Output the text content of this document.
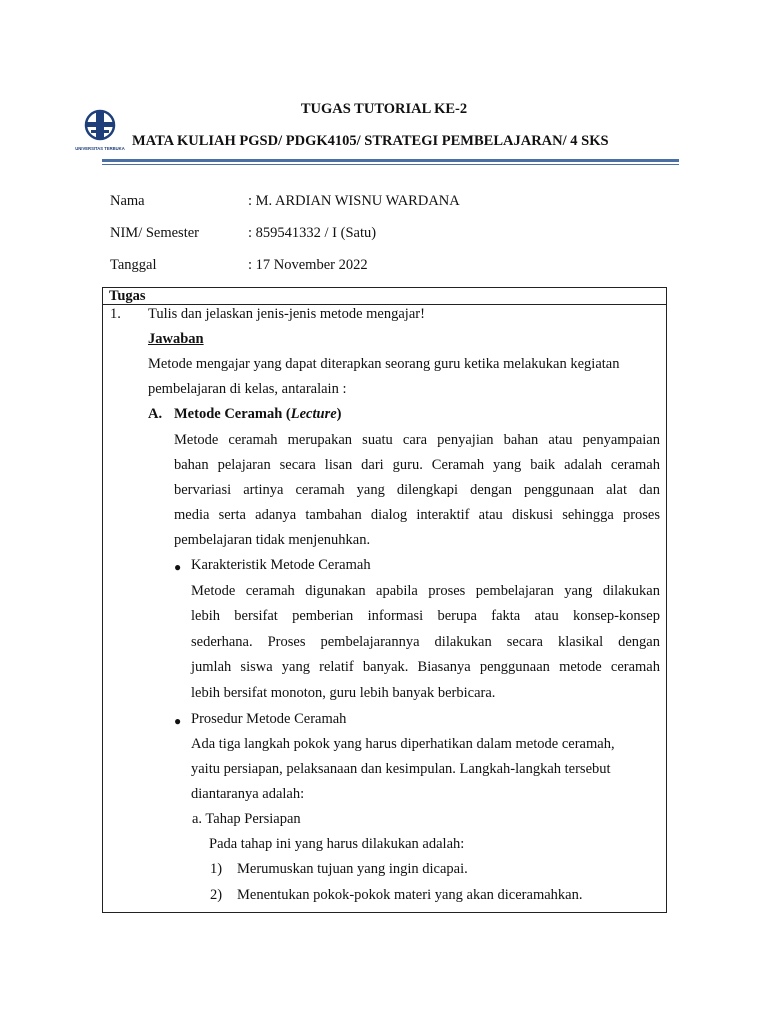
UNIVERSITAS TERBUKA
TUGAS TUTORIAL KE-2
MATA KULIAH PGSD/ PDGK4105/ STRATEGI PEMBELAJARAN/ 4 SKS
Nama	: M. ARDIAN WISNU WARDANA
NIM/ Semester	: 859541332 / I (Satu)
Tanggal	: 17 November 2022
Tugas
1. Tulis dan jelaskan jenis-jenis metode mengajar!
Jawaban
Metode mengajar yang dapat diterapkan seorang guru ketika melakukan kegiatan
pembelajaran di kelas, antaralain :
A. Metode Ceramah (Lecture)
Metode ceramah merupakan suatu cara penyajian bahan atau penyampaian
bahan pelajaran secara lisan dari guru. Ceramah yang baik adalah ceramah
bervariasi artinya ceramah yang dilengkapi dengan penggunaan alat dan
media serta adanya tambahan dialog interaktif atau diskusi sehingga proses
pembelajaran tidak menjenuhkan.
● Karakteristik Metode Ceramah
Metode ceramah digunakan apabila proses pembelajaran yang dilakukan
lebih bersifat pemberian informasi berupa fakta atau konsep-konsep
sederhana. Proses pembelajarannya dilakukan secara klasikal dengan
jumlah siswa yang relatif banyak. Biasanya penggunaan metode ceramah
lebih bersifat monoton, guru lebih banyak berbicara.
● Prosedur Metode Ceramah
Ada tiga langkah pokok yang harus diperhatikan dalam metode ceramah,
yaitu persiapan, pelaksanaan dan kesimpulan. Langkah-langkah tersebut
diantaranya adalah:
a. Tahap Persiapan
Pada tahap ini yang harus dilakukan adalah:
1) Merumuskan tujuan yang ingin dicapai.
2) Menentukan pokok-pokok materi yang akan diceramahkan.
